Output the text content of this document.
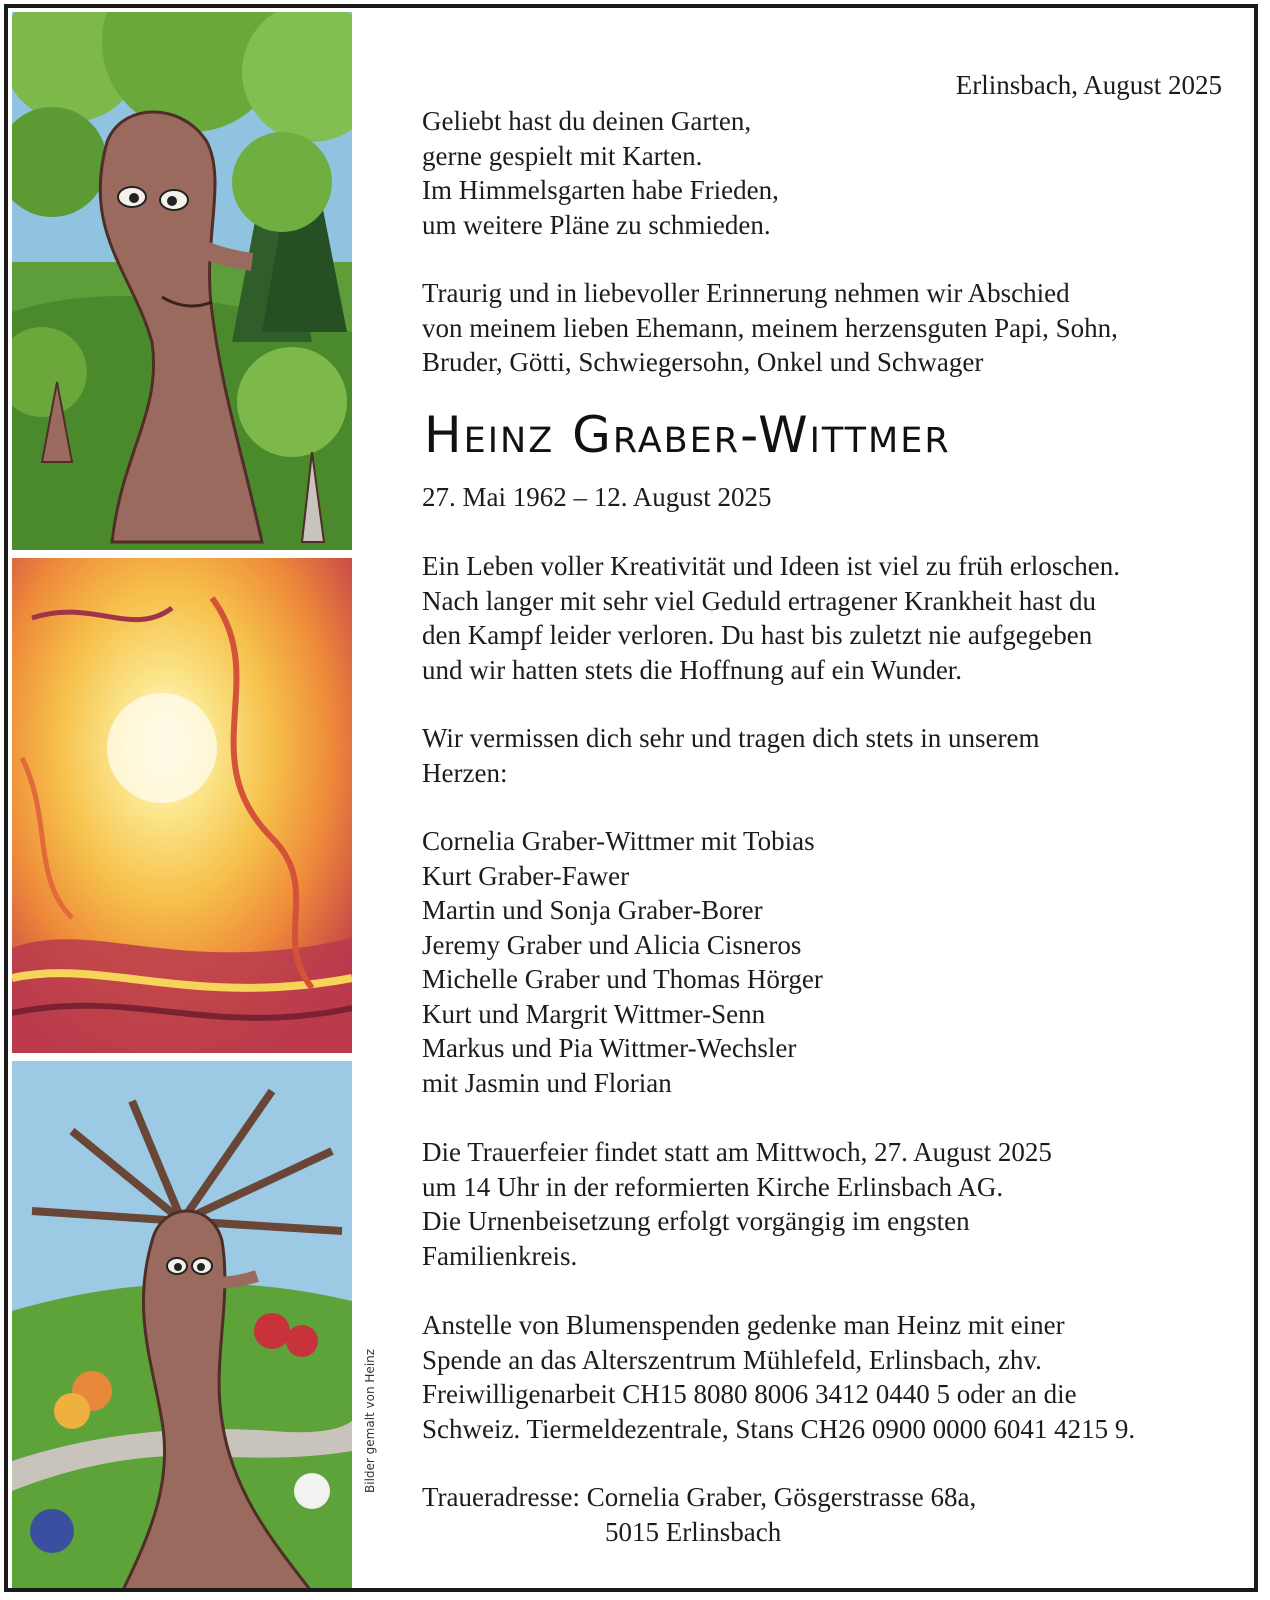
Bilder gemalt von Heinz
Erlinsbach, August 2025
Geliebt hast du deinen Garten,
gerne gespielt mit Karten.
Im Himmelsgarten habe Frieden,
um weitere Pläne zu schmieden.
Traurig und in liebevoller Erinnerung nehmen wir Abschied
von meinem lieben Ehemann, meinem herzensguten Papi, Sohn,
Bruder, Götti, Schwiegersohn, Onkel und Schwager
Heinz Graber-Wittmer
27. Mai 1962 – 12. August 2025
Ein Leben voller Kreativität und Ideen ist viel zu früh erloschen.
Nach langer mit sehr viel Geduld ertragener Krankheit hast du
den Kampf leider verloren. Du hast bis zuletzt nie aufgegeben
und wir hatten stets die Hoffnung auf ein Wunder.
Wir vermissen dich sehr und tragen dich stets in unserem
Herzen:
Cornelia Graber-Wittmer mit Tobias
Kurt Graber-Fawer
Martin und Sonja Graber-Borer
Jeremy Graber und Alicia Cisneros
Michelle Graber und Thomas Hörger
Kurt und Margrit Wittmer-Senn
Markus und Pia Wittmer-Wechsler
mit Jasmin und Florian
Die Trauerfeier findet statt am Mittwoch, 27. August 2025
um 14 Uhr in der reformierten Kirche Erlinsbach AG.
Die Urnenbeisetzung erfolgt vorgängig im engsten
Familienkreis.
Anstelle von Blumenspenden gedenke man Heinz mit einer
Spende an das Alterszentrum Mühlefeld, Erlinsbach, zhv.
Freiwilligenarbeit CH15 8080 8006 3412 0440 5 oder an die
Schweiz. Tiermeldezentrale, Stans CH26 0900 0000 6041 4215 9.
Traueradresse: Cornelia Graber, Gösgerstrasse 68a,
5015 Erlinsbach
